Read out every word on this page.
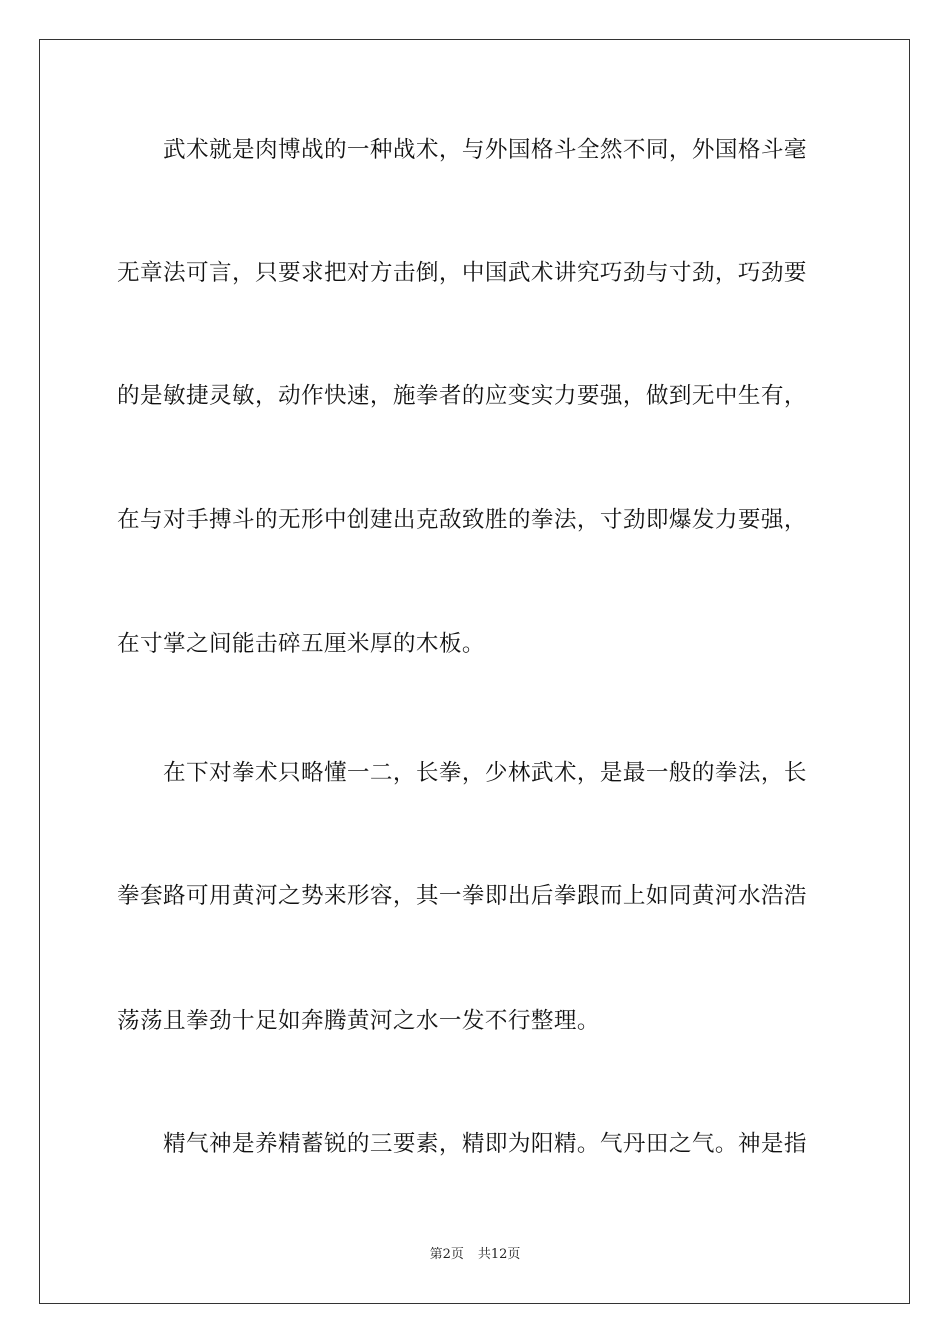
　　武术就是肉博战的一种战术，与外国格斗全然不同，外国格斗毫
无章法可言，只要求把对方击倒，中国武术讲究巧劲与寸劲，巧劲要
的是敏捷灵敏，动作快速，施拳者的应变实力要强，做到无中生有，
在与对手搏斗的无形中创建出克敌致胜的拳法，寸劲即爆发力要强，
在寸掌之间能击碎五厘米厚的木板。
　　在下对拳术只略懂一二，长拳，少林武术，是最一般的拳法，长
拳套路可用黄河之势来形容，其一拳即出后拳跟而上如同黄河水浩浩
荡荡且拳劲十足如奔腾黄河之水一发不行整理。
　　精气神是养精蓄锐的三要素，精即为阳精。气丹田之气。神是指
第2页 共12页
